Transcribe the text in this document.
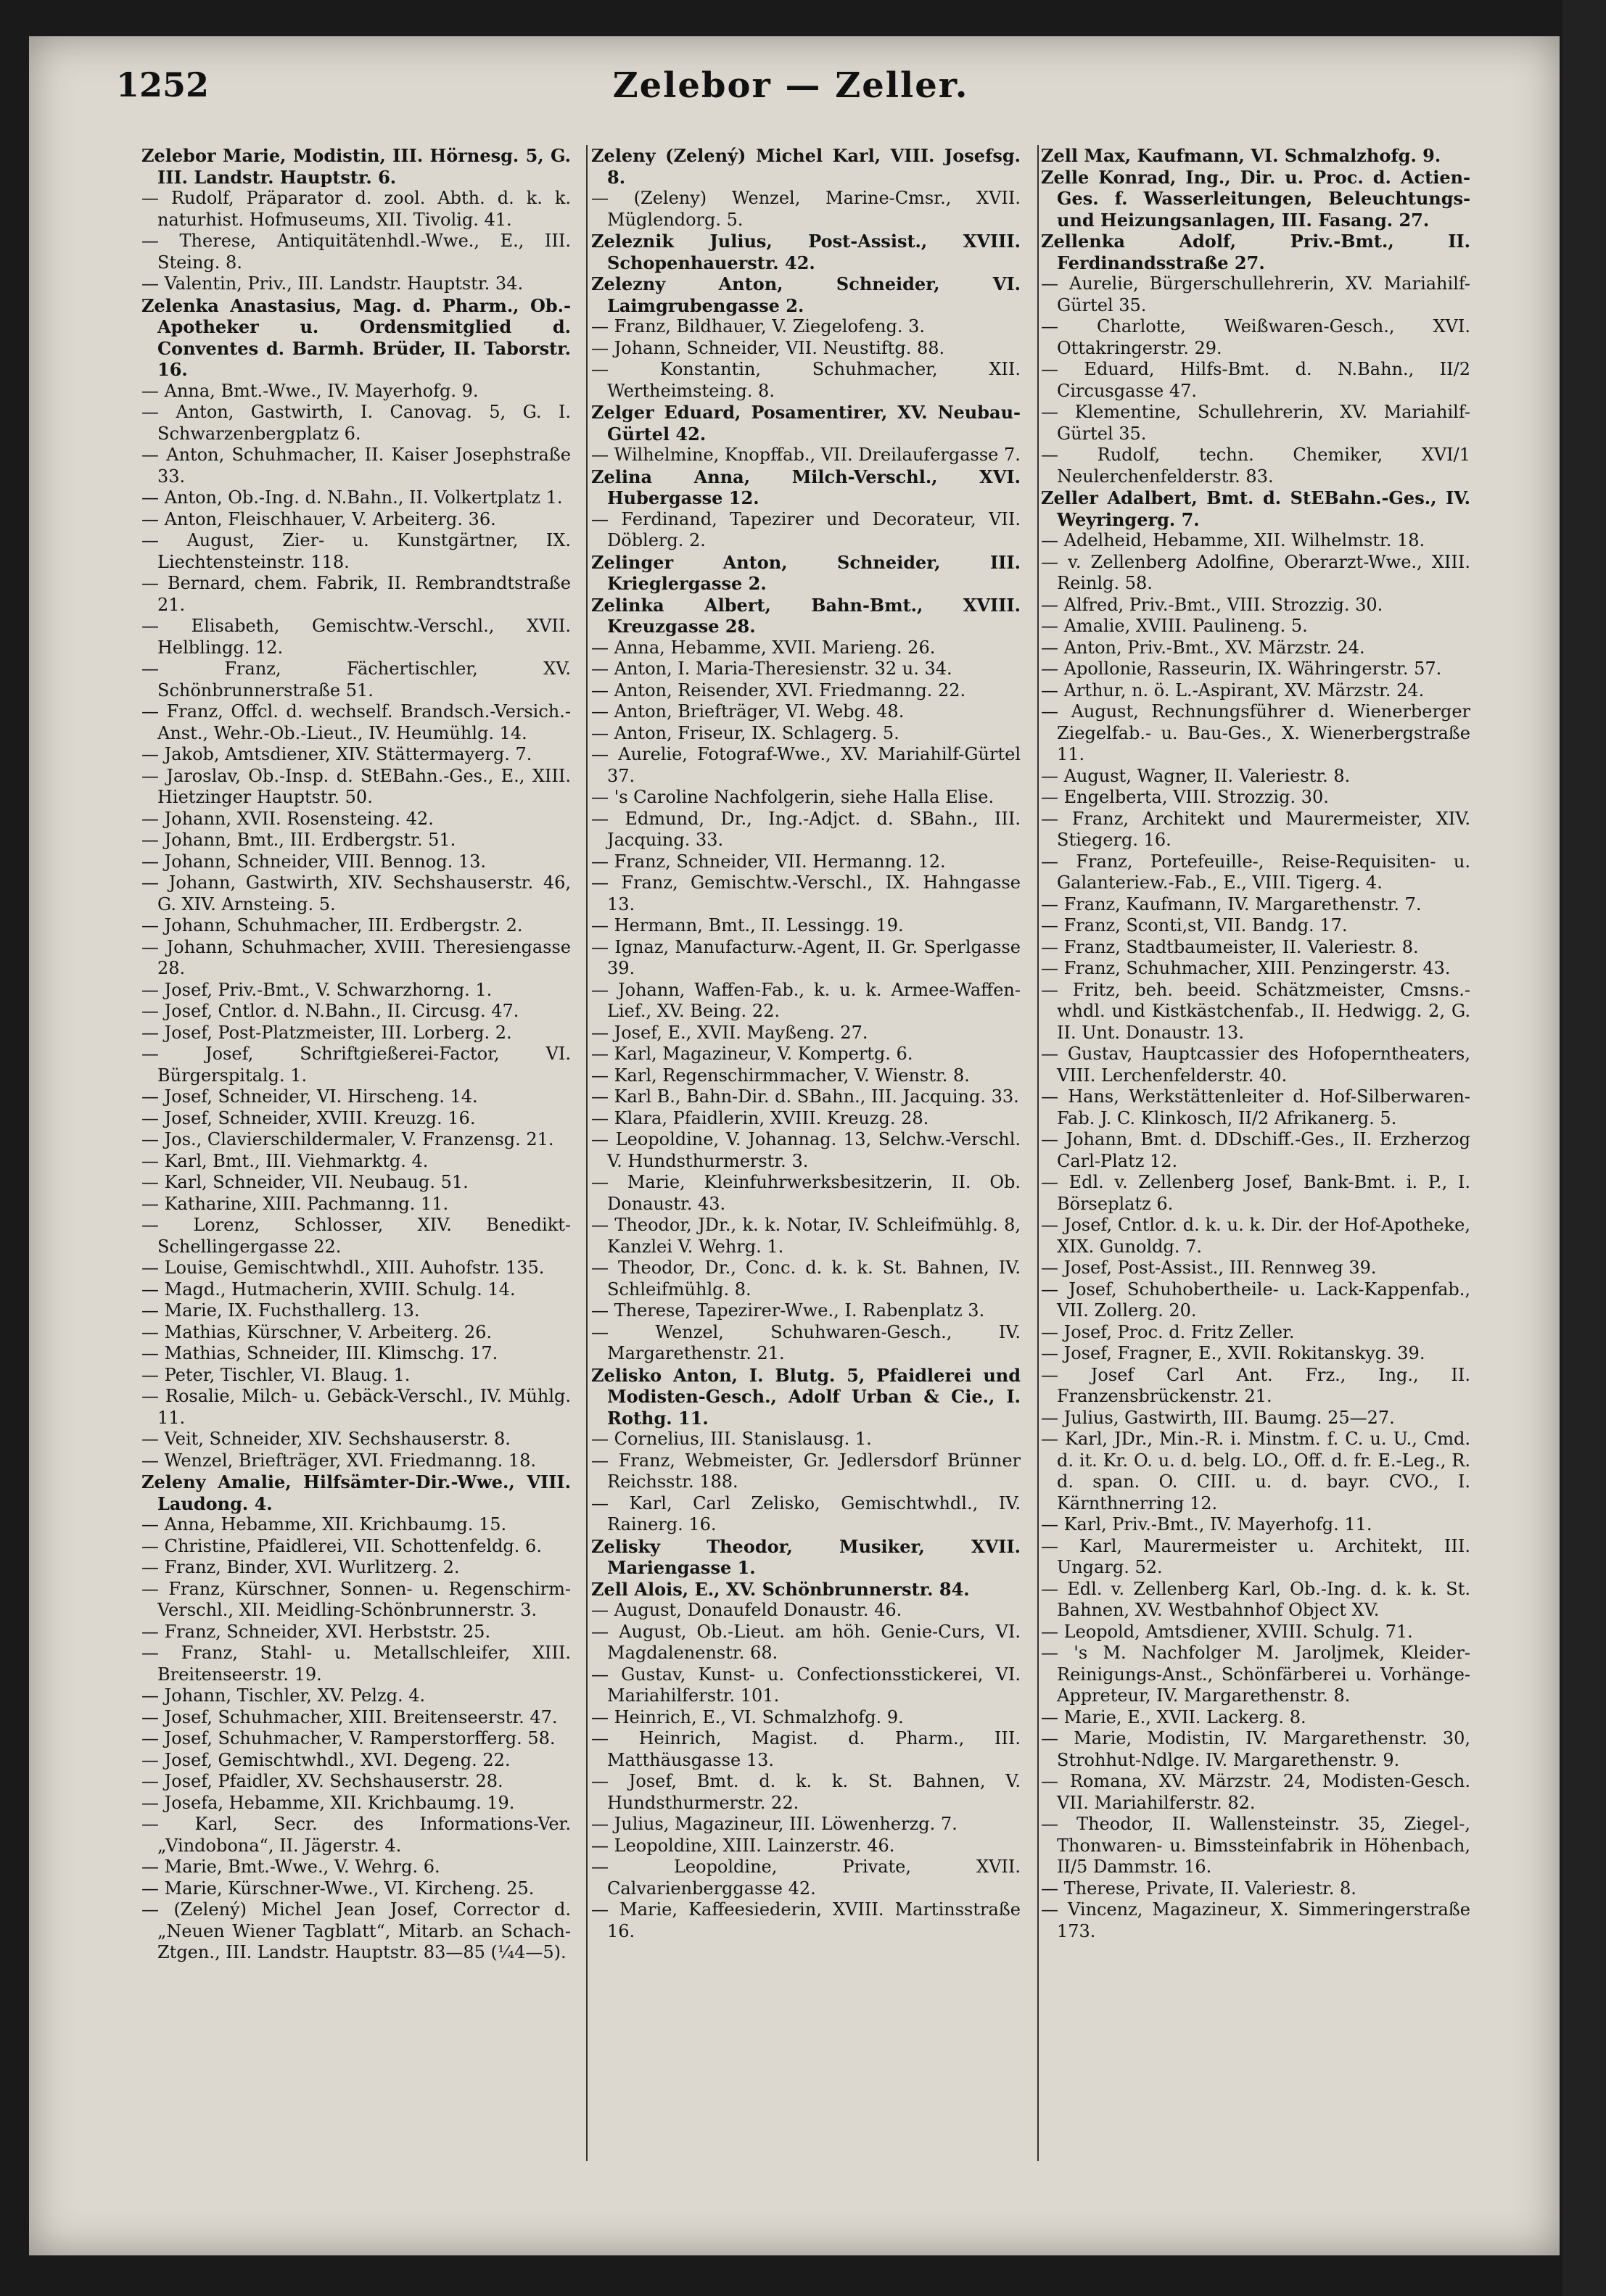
1252	Zelebor — Zeller.

Zelebor Marie, Modistin, III. Hörnesg. 5, G. III. Landstr. Hauptstr. 6.

— Rudolf, Präparator d. zool. Abth. d. k. k. naturhist. Hofmuseums, XII. Tivolig. 41.

— Therese, Antiquitätenhdl.-Wwe., E., III. Steing. 8.

— Valentin, Priv., III. Landstr. Hauptstr. 34.

Zelenka Anastasius, Mag. d. Pharm., Ob.-Apotheker u. Ordensmitglied d. Conventes d. Barmh. Brüder, II. Taborstr. 16.

— Anna, Bmt.-Wwe., IV. Mayerhofg. 9.

— Anton, Gastwirth, I. Canovag. 5, G. I. Schwarzenbergplatz 6.

— Anton, Schuhmacher, II. Kaiser Josephstraße 33.

— Anton, Ob.-Ing. d. N.Bahn., II. Volkertplatz 1.

— Anton, Fleischhauer, V. Arbeiterg. 36.

— August, Zier- u. Kunstgärtner, IX. Liechtensteinstr. 118.

— Bernard, chem. Fabrik, II. Rembrandtstraße 21.

— Elisabeth, Gemischtw.-Verschl., XVII. Helblingg. 12.

— Franz, Fächertischler, XV. Schönbrunnerstraße 51.

— Franz, Offcl. d. wechself. Brandsch.-Versich.-Anst., Wehr.-Ob.-Lieut., IV. Heumühlg. 14.

— Jakob, Amtsdiener, XIV. Stättermayerg. 7.

— Jaroslav, Ob.-Insp. d. StEBahn.-Ges., E., XIII. Hietzinger Hauptstr. 50.

— Johann, XVII. Rosensteing. 42.

— Johann, Bmt., III. Erdbergstr. 51.

— Johann, Schneider, VIII. Bennog. 13.

— Johann, Gastwirth, XIV. Sechshauserstr. 46, G. XIV. Arnsteing. 5.

— Johann, Schuhmacher, III. Erdbergstr. 2.

— Johann, Schuhmacher, XVIII. Theresiengasse 28.

— Josef, Priv.-Bmt., V. Schwarzhorng. 1.

— Josef, Cntlor. d. N.Bahn., II. Circusg. 47.

— Josef, Post-Platzmeister, III. Lorberg. 2.

— Josef, Schriftgießerei-Factor, VI. Bürgerspitalg. 1.

— Josef, Schneider, VI. Hirscheng. 14.

— Josef, Schneider, XVIII. Kreuzg. 16.

— Jos., Clavierschildermaler, V. Franzensg. 21.

— Karl, Bmt., III. Viehmarktg. 4.

— Karl, Schneider, VII. Neubaug. 51.

— Katharine, XIII. Pachmanng. 11.

— Lorenz, Schlosser, XIV. Benedikt-Schellingergasse 22.

— Louise, Gemischtwhdl., XIII. Auhofstr. 135.

— Magd., Hutmacherin, XVIII. Schulg. 14.

— Marie, IX. Fuchsthallerg. 13.

— Mathias, Kürschner, V. Arbeiterg. 26.

— Mathias, Schneider, III. Klimschg. 17.

— Peter, Tischler, VI. Blaug. 1.

— Rosalie, Milch- u. Gebäck-Verschl., IV. Mühlg. 11.

— Veit, Schneider, XIV. Sechshauserstr. 8.

— Wenzel, Briefträger, XVI. Friedmanng. 18.

Zeleny Amalie, Hilfsämter-Dir.-Wwe., VIII. Laudong. 4.

— Anna, Hebamme, XII. Krichbaumg. 15.

— Christine, Pfaidlerei, VII. Schottenfeldg. 6.

— Franz, Binder, XVI. Wurlitzerg. 2.

— Franz, Kürschner, Sonnen- u. Regenschirm-Verschl., XII. Meidling-Schönbrunnerstr. 3.

— Franz, Schneider, XVI. Herbststr. 25.

— Franz, Stahl- u. Metallschleifer, XIII. Breitenseerstr. 19.

— Johann, Tischler, XV. Pelzg. 4.

— Josef, Schuhmacher, XIII. Breitenseerstr. 47.

— Josef, Schuhmacher, V. Ramperstorfferg. 58.

— Josef, Gemischtwhdl., XVI. Degeng. 22.

— Josef, Pfaidler, XV. Sechshauserstr. 28.

— Josefa, Hebamme, XII. Krichbaumg. 19.

— Karl, Secr. des Informations-Ver. „Vindobona“, II. Jägerstr. 4.

— Marie, Bmt.-Wwe., V. Wehrg. 6.

— Marie, Kürschner-Wwe., VI. Kircheng. 25.

— (Zelený) Michel Jean Josef, Corrector d. „Neuen Wiener Tagblatt“, Mitarb. an Schach-Ztgen., III. Landstr. Hauptstr. 83—85 (¼4—5).

Zeleny (Zelený) Michel Karl, VIII. Josefsg. 8.

— (Zeleny) Wenzel, Marine-Cmsr., XVII. Müglendorg. 5.

Zeleznik Julius, Post-Assist., XVIII. Schopenhauerstr. 42.

Zelezny Anton, Schneider, VI. Laimgrubengasse 2.

— Franz, Bildhauer, V. Ziegelofeng. 3.

— Johann, Schneider, VII. Neustiftg. 88.

— Konstantin, Schuhmacher, XII. Wertheimsteing. 8.

Zelger Eduard, Posamentirer, XV. Neubau-Gürtel 42.

— Wilhelmine, Knopffab., VII. Dreilaufergasse 7.

Zelina Anna, Milch-Verschl., XVI. Hubergasse 12.

— Ferdinand, Tapezirer und Decorateur, VII. Döblerg. 2.

Zelinger Anton, Schneider, III. Krieglergasse 2.

Zelinka Albert, Bahn-Bmt., XVIII. Kreuzgasse 28.

— Anna, Hebamme, XVII. Marieng. 26.

— Anton, I. Maria-Theresienstr. 32 u. 34.

— Anton, Reisender, XVI. Friedmanng. 22.

— Anton, Briefträger, VI. Webg. 48.

— Anton, Friseur, IX. Schlagerg. 5.

— Aurelie, Fotograf-Wwe., XV. Mariahilf-Gürtel 37.

— 's Caroline Nachfolgerin, siehe Halla Elise.

— Edmund, Dr., Ing.-Adjct. d. SBahn., III. Jacquing. 33.

— Franz, Schneider, VII. Hermanng. 12.

— Franz, Gemischtw.-Verschl., IX. Hahngasse 13.

— Hermann, Bmt., II. Lessingg. 19.

— Ignaz, Manufacturw.-Agent, II. Gr. Sperlgasse 39.

— Johann, Waffen-Fab., k. u. k. Armee-Waffen-Lief., XV. Being. 22.

— Josef, E., XVII. Mayßeng. 27.

— Karl, Magazineur, V. Kompertg. 6.

— Karl, Regenschirmmacher, V. Wienstr. 8.

— Karl B., Bahn-Dir. d. SBahn., III. Jacquing. 33.

— Klara, Pfaidlerin, XVIII. Kreuzg. 28.

— Leopoldine, V. Johannag. 13, Selchw.-Verschl. V. Hundsthurmerstr. 3.

— Marie, Kleinfuhrwerksbesitzerin, II. Ob. Donaustr. 43.

— Theodor, JDr., k. k. Notar, IV. Schleifmühlg. 8, Kanzlei V. Wehrg. 1.

— Theodor, Dr., Conc. d. k. k. St. Bahnen, IV. Schleifmühlg. 8.

— Therese, Tapezirer-Wwe., I. Rabenplatz 3.

— Wenzel, Schuhwaren-Gesch., IV. Margarethenstr. 21.

Zelisko Anton, I. Blutg. 5, Pfaidlerei und Modisten-Gesch., Adolf Urban & Cie., I. Rothg. 11.

— Cornelius, III. Stanislausg. 1.

— Franz, Webmeister, Gr. Jedlersdorf Brünner Reichsstr. 188.

— Karl, Carl Zelisko, Gemischtwhdl., IV. Rainerg. 16.

Zelisky Theodor, Musiker, XVII. Mariengasse 1.

Zell Alois, E., XV. Schönbrunnerstr. 84.

— August, Donaufeld Donaustr. 46.

— August, Ob.-Lieut. am höh. Genie-Curs, VI. Magdalenenstr. 68.

— Gustav, Kunst- u. Confectionsstickerei, VI. Mariahilferstr. 101.

— Heinrich, E., VI. Schmalzhofg. 9.

— Heinrich, Magist. d. Pharm., III. Matthäusgasse 13.

— Josef, Bmt. d. k. k. St. Bahnen, V. Hundsthurmerstr. 22.

— Julius, Magazineur, III. Löwenherzg. 7.

— Leopoldine, XIII. Lainzerstr. 46.

— Leopoldine, Private, XVII. Calvarienberggasse 42.

— Marie, Kaffeesiederin, XVIII. Martinsstraße 16.

Zell Max, Kaufmann, VI. Schmalzhofg. 9.

Zelle Konrad, Ing., Dir. u. Proc. d. Actien-Ges. f. Wasserleitungen, Beleuchtungs- und Heizungsanlagen, III. Fasang. 27.

Zellenka Adolf, Priv.-Bmt., II. Ferdinandsstraße 27.

— Aurelie, Bürgerschullehrerin, XV. Mariahilf-Gürtel 35.

— Charlotte, Weißwaren-Gesch., XVI. Ottakringerstr. 29.

— Eduard, Hilfs-Bmt. d. N.Bahn., II/2 Circusgasse 47.

— Klementine, Schullehrerin, XV. Mariahilf-Gürtel 35.

— Rudolf, techn. Chemiker, XVI/1 Neulerchenfelderstr. 83.

Zeller Adalbert, Bmt. d. StEBahn.-Ges., IV. Weyringerg. 7.

— Adelheid, Hebamme, XII. Wilhelmstr. 18.

— v. Zellenberg Adolfine, Oberarzt-Wwe., XIII. Reinlg. 58.

— Alfred, Priv.-Bmt., VIII. Strozzig. 30.

— Amalie, XVIII. Paulineng. 5.

— Anton, Priv.-Bmt., XV. Märzstr. 24.

— Apollonie, Rasseurin, IX. Währingerstr. 57.

— Arthur, n. ö. L.-Aspirant, XV. Märzstr. 24.

— August, Rechnungsführer d. Wienerberger Ziegelfab.- u. Bau-Ges., X. Wienerbergstraße 11.

— August, Wagner, II. Valeriestr. 8.

— Engelberta, VIII. Strozzig. 30.

— Franz, Architekt und Maurermeister, XIV. Stiegerg. 16.

— Franz, Portefeuille-, Reise-Requisiten- u. Galanteriew.-Fab., E., VIII. Tigerg. 4.

— Franz, Kaufmann, IV. Margarethenstr. 7.

— Franz, Sconti,st, VII. Bandg. 17.

— Franz, Stadtbaumeister, II. Valeriestr. 8.

— Franz, Schuhmacher, XIII. Penzingerstr. 43.

— Fritz, beh. beeid. Schätzmeister, Cmsns.-whdl. und Kistkästchenfab., II. Hedwigg. 2, G. II. Unt. Donaustr. 13.

— Gustav, Hauptcassier des Hofoperntheaters, VIII. Lerchenfelderstr. 40.

— Hans, Werkstättenleiter d. Hof-Silberwaren-Fab. J. C. Klinkosch, II/2 Afrikanerg. 5.

— Johann, Bmt. d. DDschiff.-Ges., II. Erzherzog Carl-Platz 12.

— Edl. v. Zellenberg Josef, Bank-Bmt. i. P., I. Börseplatz 6.

— Josef, Cntlor. d. k. u. k. Dir. der Hof-Apotheke, XIX. Gunoldg. 7.

— Josef, Post-Assist., III. Rennweg 39.

— Josef, Schuhobertheile- u. Lack-Kappenfab., VII. Zollerg. 20.

— Josef, Proc. d. Fritz Zeller.

— Josef, Fragner, E., XVII. Rokitanskyg. 39.

— Josef Carl Ant. Frz., Ing., II. Franzensbrückenstr. 21.

— Julius, Gastwirth, III. Baumg. 25—27.

— Karl, JDr., Min.-R. i. Minstm. f. C. u. U., Cmd. d. it. Kr. O. u. d. belg. LO., Off. d. fr. E.-Leg., R. d. span. O. CIII. u. d. bayr. CVO., I. Kärnthnerring 12.

— Karl, Priv.-Bmt., IV. Mayerhofg. 11.

— Karl, Maurermeister u. Architekt, III. Ungarg. 52.

— Edl. v. Zellenberg Karl, Ob.-Ing. d. k. k. St. Bahnen, XV. Westbahnhof Object XV.

— Leopold, Amtsdiener, XVIII. Schulg. 71.

— 's M. Nachfolger M. Jaroljmek, Kleider-Reinigungs-Anst., Schönfärberei u. Vorhänge-Appreteur, IV. Margarethenstr. 8.

— Marie, E., XVII. Lackerg. 8.

— Marie, Modistin, IV. Margarethenstr. 30, Strohhut-Ndlge. IV. Margarethenstr. 9.

— Romana, XV. Märzstr. 24, Modisten-Gesch. VII. Mariahilferstr. 82.

— Theodor, II. Wallensteinstr. 35, Ziegel-, Thonwaren- u. Bimssteinfabrik in Höhenbach, II/5 Dammstr. 16.

— Therese, Private, II. Valeriestr. 8.

— Vincenz, Magazineur, X. Simmeringerstraße 173.
